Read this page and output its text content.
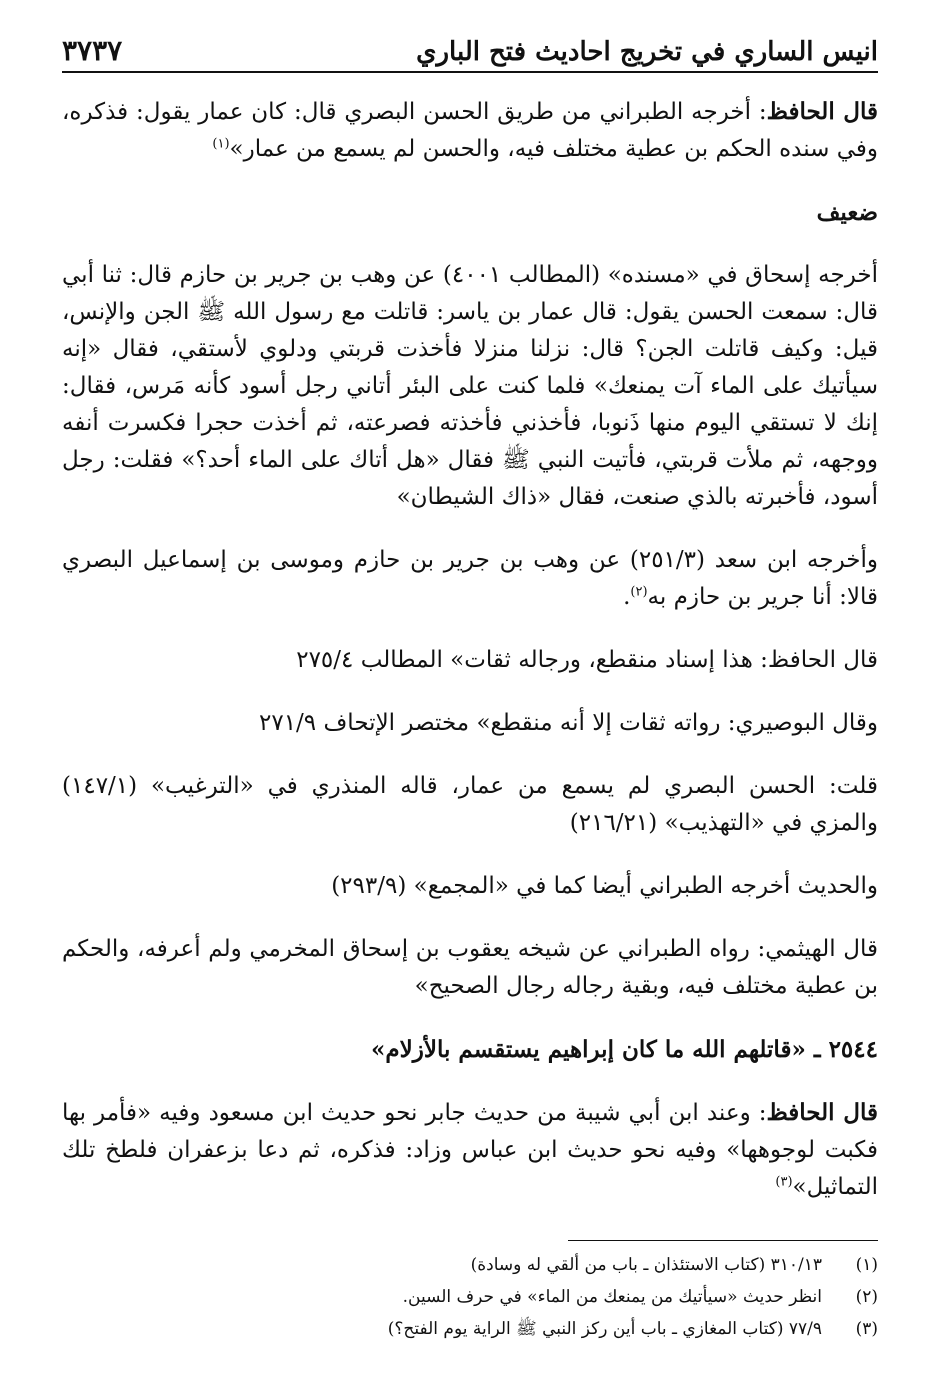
انيس الساري في تخريج احاديث فتح الباري
٣٧٣٧

قال الحافظ: أخرجه الطبراني من طريق الحسن البصري قال: كان عمار يقول: فذكره، وفي سنده الحكم بن عطية مختلف فيه، والحسن لم يسمع من عمار»$^{(١)}$

ضعيف

أخرجه إسحاق في «مسنده» (المطالب ٤٠٠١) عن وهب بن جرير بن حازم قال: ثنا أبي قال: سمعت الحسن يقول: قال عمار بن ياسر: قاتلت مع رسول الله ﷺ الجن والإنس، قيل: وكيف قاتلت الجن؟ قال: نزلنا منزلا فأخذت قربتي ودلوي لأستقي، فقال «إنه سيأتيك على الماء آت يمنعك» فلما كنت على البئر أتاني رجل أسود كأنه مَرس، فقال: إنك لا تستقي اليوم منها ذَنوبا، فأخذني فأخذته فصرعته، ثم أخذت حجرا فكسرت أنفه ووجهه، ثم ملأت قربتي، فأتيت النبي ﷺ فقال «هل أتاك على الماء أحد؟» فقلت: رجل أسود، فأخبرته بالذي صنعت، فقال «ذاك الشيطان»

وأخرجه ابن سعد (٢٥١/٣) عن وهب بن جرير بن حازم وموسى بن إسماعيل البصري قالا: أنا جرير بن حازم به$^{(٢)}$.

قال الحافظ: هذا إسناد منقطع، ورجاله ثقات» المطالب ٢٧٥/٤

وقال البوصيري: رواته ثقات إلا أنه منقطع» مختصر الإتحاف ٢٧١/٩

قلت: الحسن البصري لم يسمع من عمار، قاله المنذري في «الترغيب» (١٤٧/١) والمزي في «التهذيب» (٢١٦/٢١)

والحديث أخرجه الطبراني أيضا كما في «المجمع» (٢٩٣/٩)

قال الهيثمي: رواه الطبراني عن شيخه يعقوب بن إسحاق المخرمي ولم أعرفه، والحكم بن عطية مختلف فيه، وبقية رجاله رجال الصحيح»

٢٥٤٤ ـ «قاتلهم الله ما كان إبراهيم يستقسم بالأزلام»

قال الحافظ: وعند ابن أبي شيبة من حديث جابر نحو حديث ابن مسعود وفيه «فأمر بها فكبت لوجوهها» وفيه نحو حديث ابن عباس وزاد: فذكره، ثم دعا بزعفران فلطخ تلك التماثيل»$^{(٣)}$

(١)٣١٠/١٣ (كتاب الاستئذان ـ باب من ألقي له وسادة)

(٢)انظر حديث «سيأتيك من يمنعك من الماء» في حرف السين.

(٣)٧٧/٩ (كتاب المغازي ـ باب أين ركز النبي ﷺ الراية يوم الفتح؟)
